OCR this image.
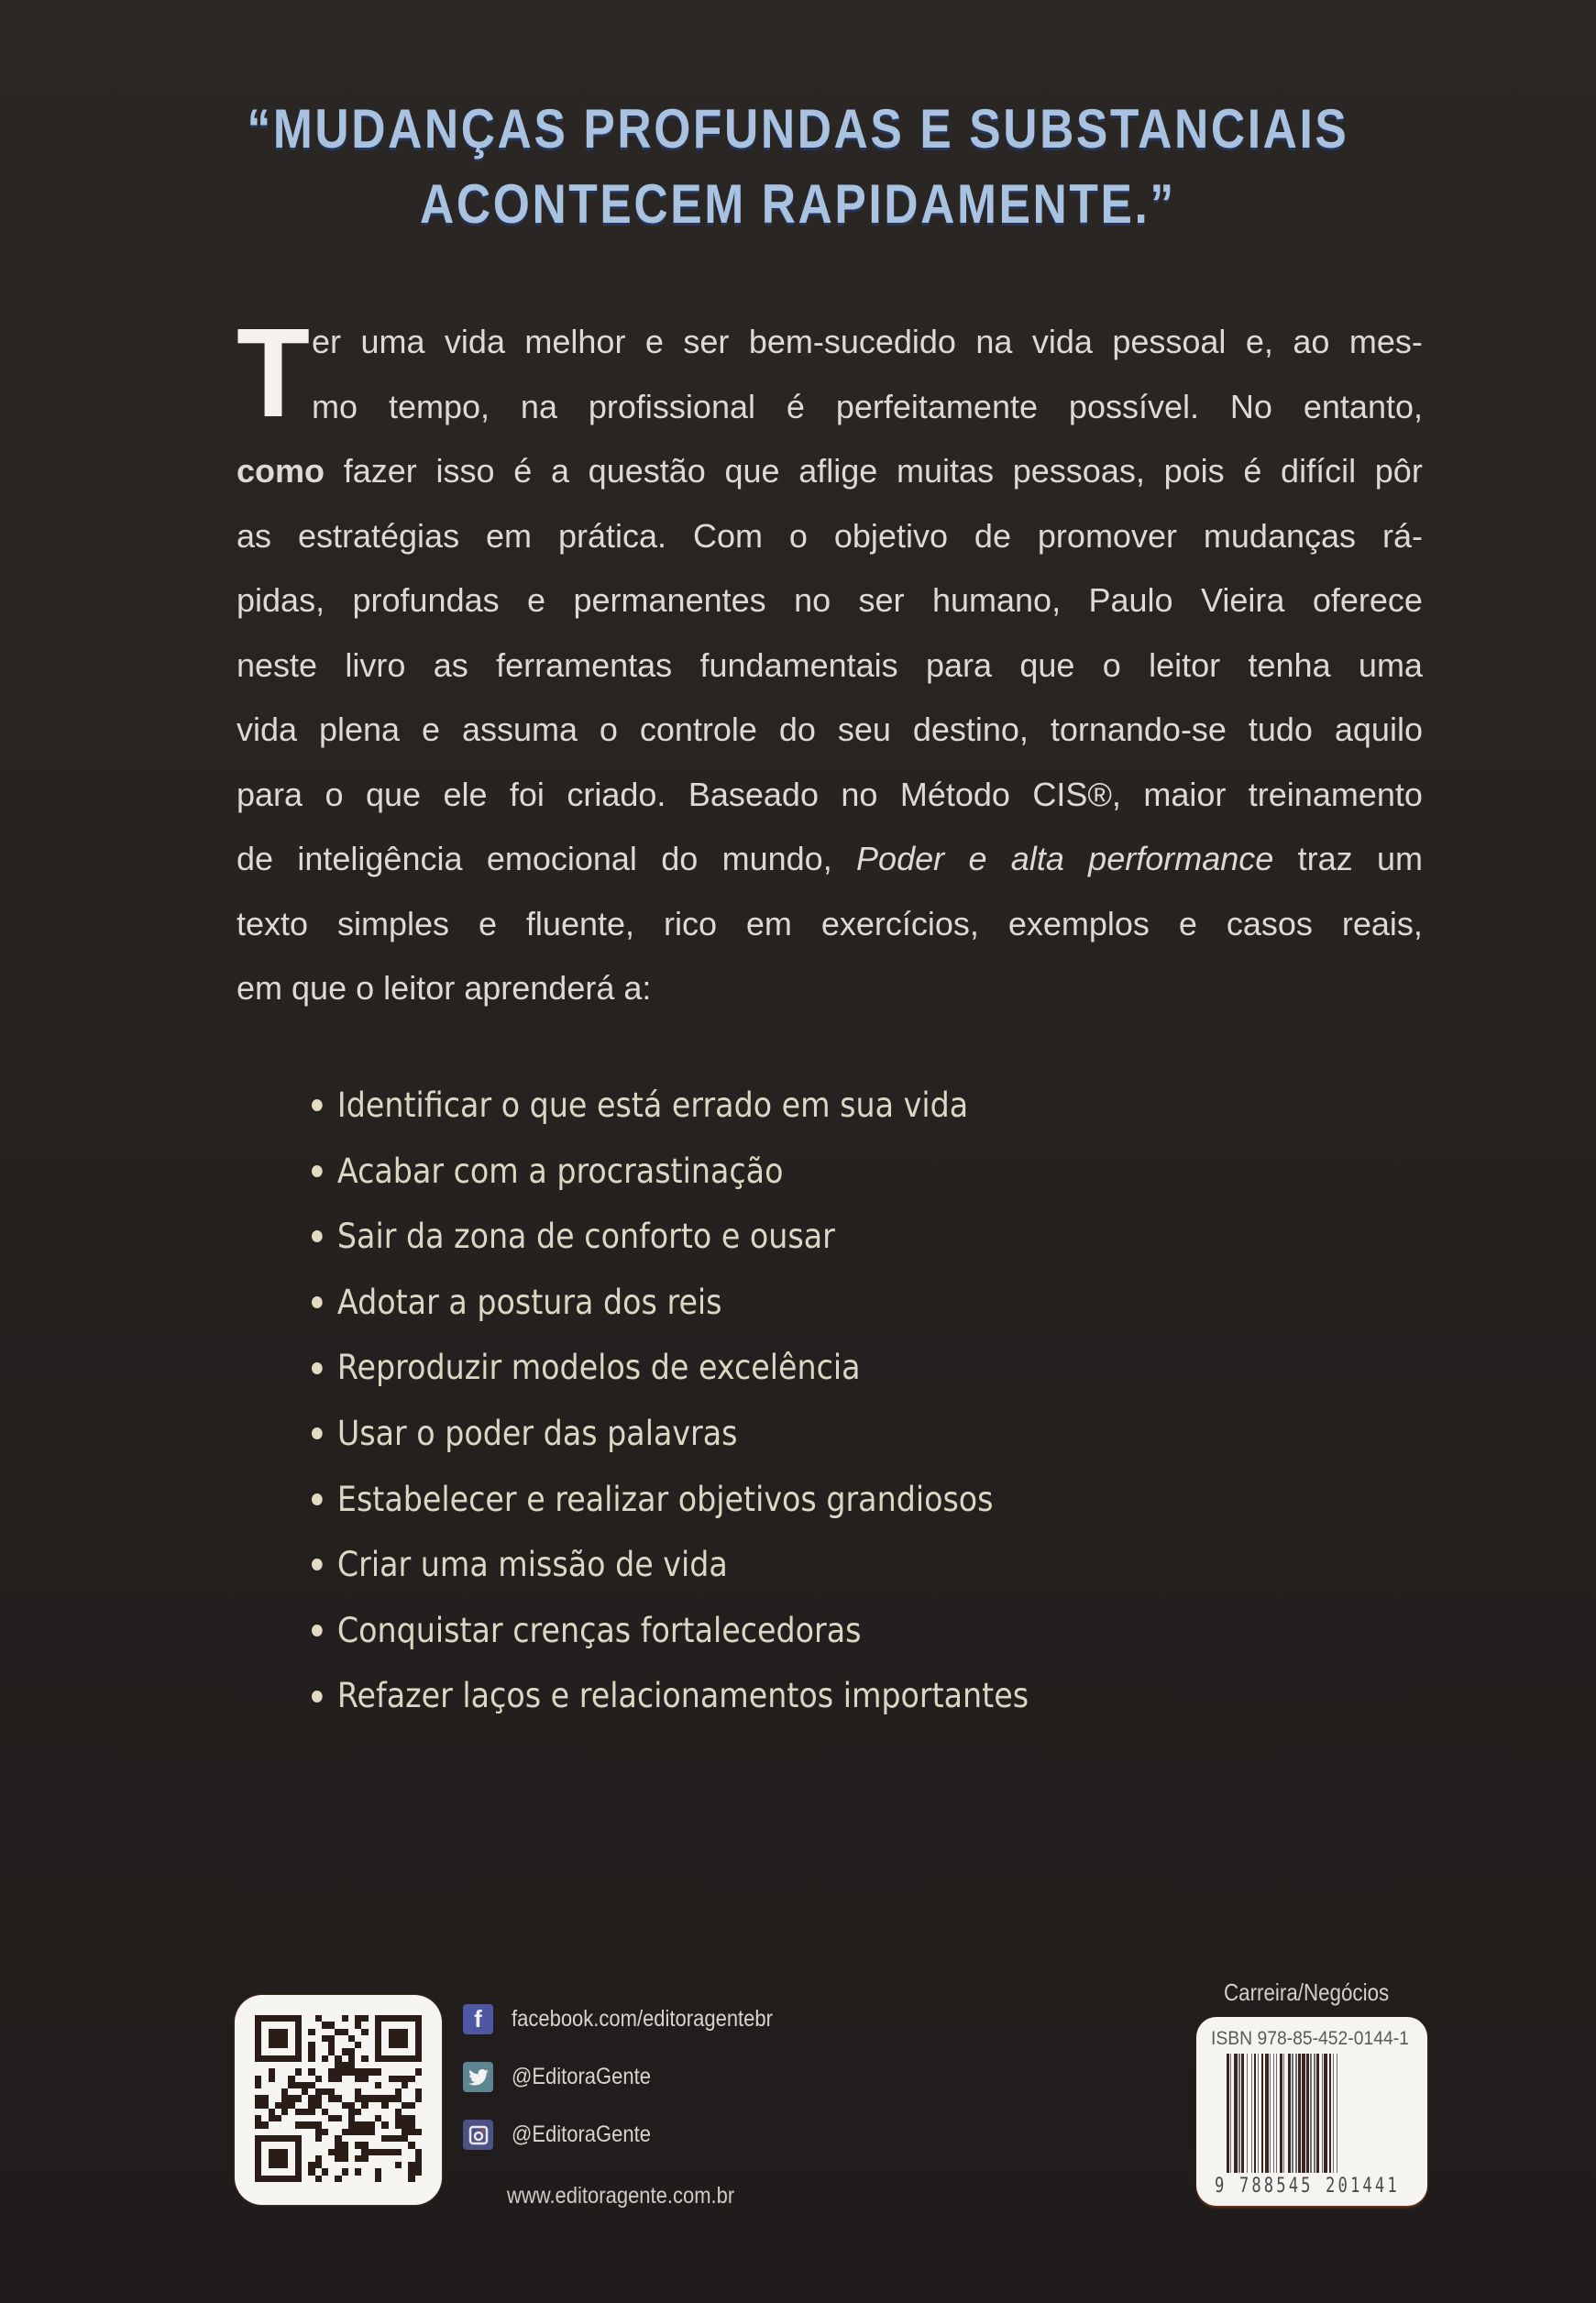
“MUDANÇAS PROFUNDAS E SUBSTANCIAIS
ACONTECEM RAPIDAMENTE.”
T er uma vida melhor e ser bem-sucedido na vida pessoal e, ao mes-
mo tempo, na profissional é perfeitamente possível. No entanto,
como fazer isso é a questão que aflige muitas pessoas, pois é difícil pôr
as estratégias em prática. Com o objetivo de promover mudanças rá-
pidas, profundas e permanentes no ser humano, Paulo Vieira oferece
neste livro as ferramentas fundamentais para que o leitor tenha uma
vida plena e assuma o controle do seu destino, tornando-se tudo aquilo
para o que ele foi criado. Baseado no Método CIS®, maior treinamento
de inteligência emocional do mundo, Poder e alta performance traz um
texto simples e fluente, rico em exercícios, exemplos e casos reais,
em
que
o
leitor
aprenderá
a:
Identificar o que está errado em sua vida
Acabar com a procrastinação
Sair da zona de conforto e ousar
Adotar a postura dos reis
Reproduzir modelos de excelência
Usar o poder das palavras
Estabelecer e realizar objetivos grandiosos
Criar uma missão de vida
Conquistar crenças fortalecedoras
Refazer laços e relacionamentos importantes
f	facebook.com/editoragentebr
@EditoraGente
@EditoraGente
www.editoragente.com.br
Carreira/Negócios
ISBN 978-85-452-0144-1
9 788545 201441
